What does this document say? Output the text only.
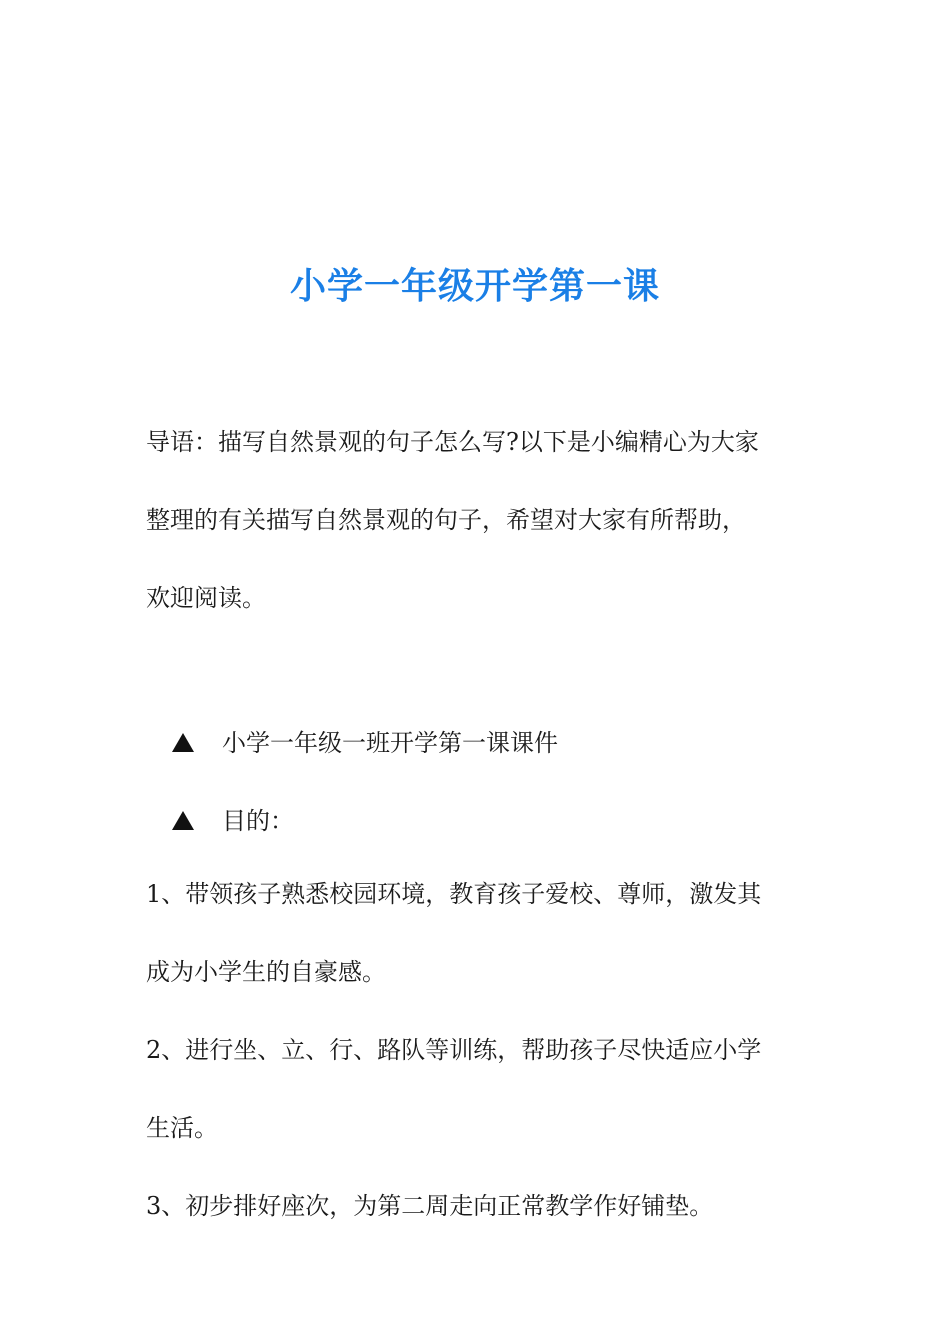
小学一年级开学第一课
导语：描写自然景观的句子怎么写?以下是小编精心为大家
整理的有关描写自然景观的句子，希望对大家有所帮助，
欢迎阅读。
小学一年级一班开学第一课课件
目的：
1、带领孩子熟悉校园环境，教育孩子爱校、尊师，激发其
成为小学生的自豪感。
2、进行坐、立、行、路队等训练，帮助孩子尽快适应小学
生活。
3、初步排好座次，为第二周走向正常教学作好铺垫。
